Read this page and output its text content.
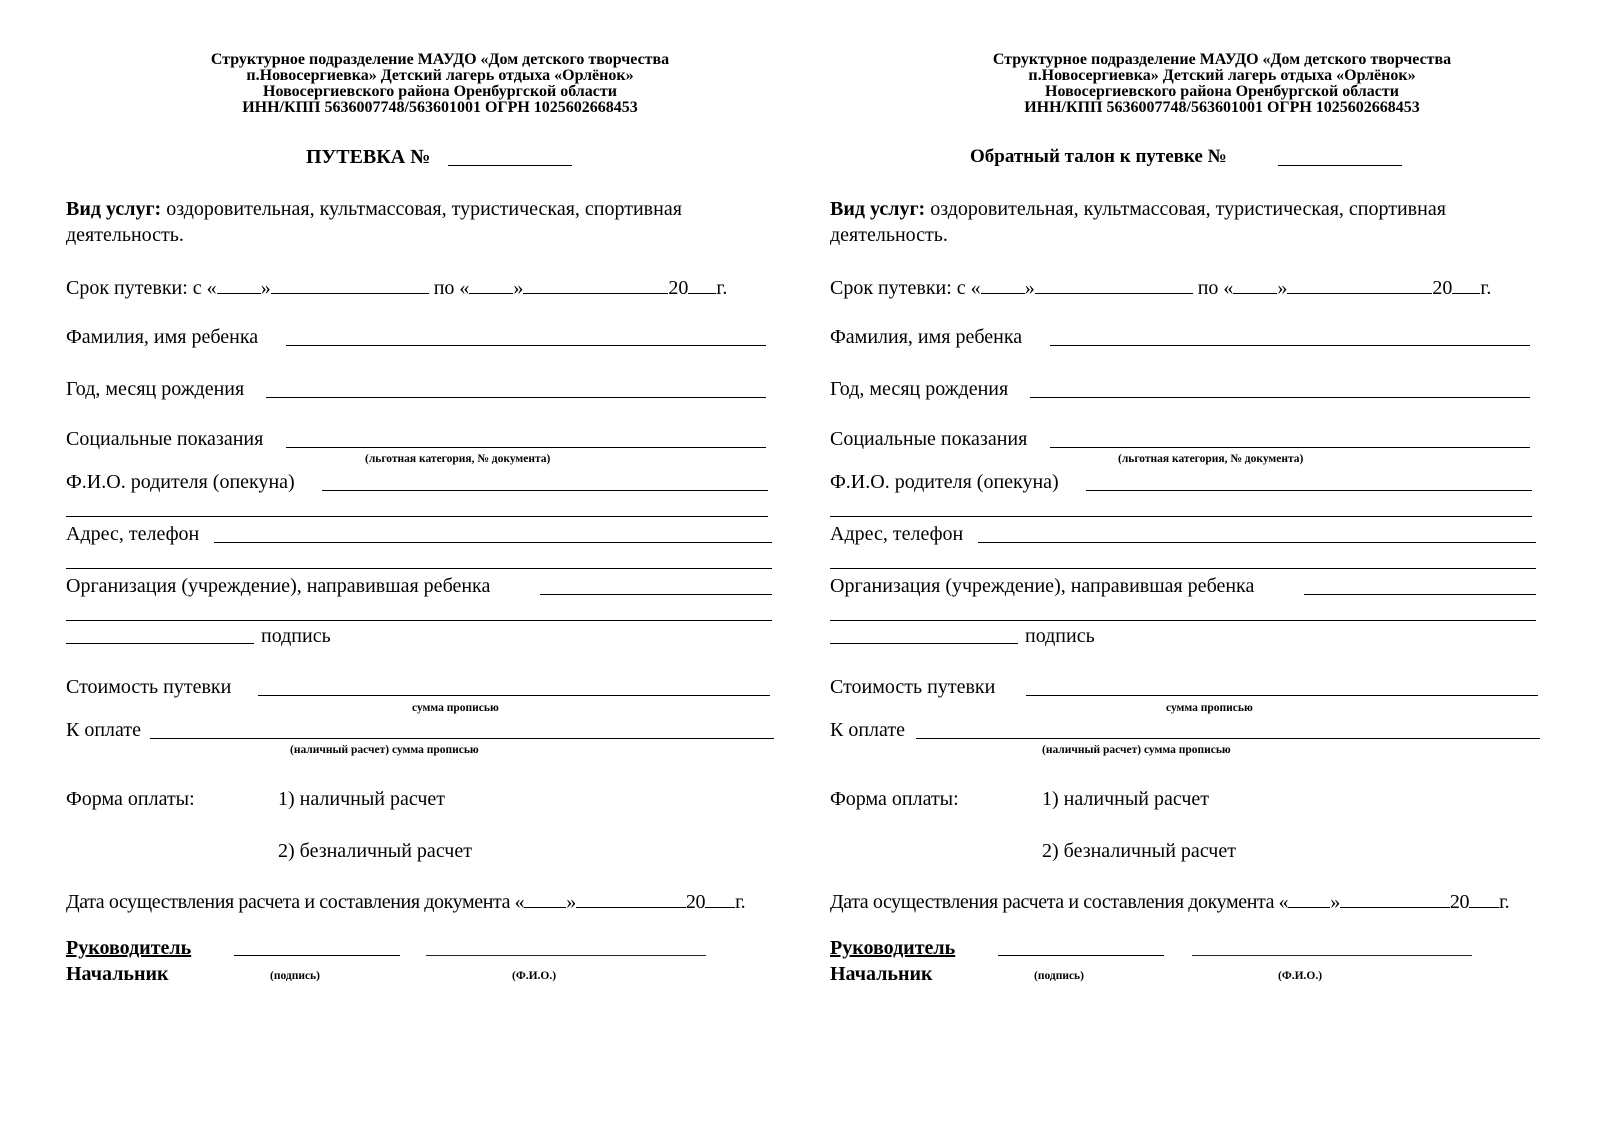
Структурное подразделение МАУДО «Дом детского творчества
п.Новосергиевка» Детский лагерь отдыха «Орлёнок»
Новосергиевского района Оренбургской области
ИНН/КПП 5636007748/563601001 ОГРН 1025602668453
ПУТЕВКА №
Вид услуг: оздоровительная, культмассовая, туристическая, спортивная
деятельность.
Срок путевки: с « »	по « »	20 г.
Фамилия, имя ребенка
Год, месяц рождения
Социальные показания
(льготная категория, № документа)
Ф.И.О. родителя (опекуна)
Адрес, телефон
Организация (учреждение), направившая ребенка
подпись
Стоимость путевки
сумма прописью
К оплате
(наличный расчет) сумма прописью
Форма оплаты:	1) наличный расчет
2) безналичный расчет
Дата осуществления расчета и составления документа « »	20 г.
Руководитель
Начальник	(подпись)	(Ф.И.О.)
Структурное подразделение МАУДО «Дом детского творчества
п.Новосергиевка» Детский лагерь отдыха «Орлёнок»
Новосергиевского района Оренбургской области
ИНН/КПП 5636007748/563601001 ОГРН 1025602668453
Обратный талон к путевке №
Вид услуг: оздоровительная, культмассовая, туристическая, спортивная
деятельность.
Срок путевки: с « »	по « »	20 г.
Фамилия, имя ребенка
Год, месяц рождения
Социальные показания
(льготная категория, № документа)
Ф.И.О. родителя (опекуна)
Адрес, телефон
Организация (учреждение), направившая ребенка
подпись
Стоимость путевки
сумма прописью
К оплате
(наличный расчет) сумма прописью
Форма оплаты:	1) наличный расчет
2) безналичный расчет
Дата осуществления расчета и составления документа « »	20 г.
Руководитель
Начальник	(подпись)	(Ф.И.О.)
